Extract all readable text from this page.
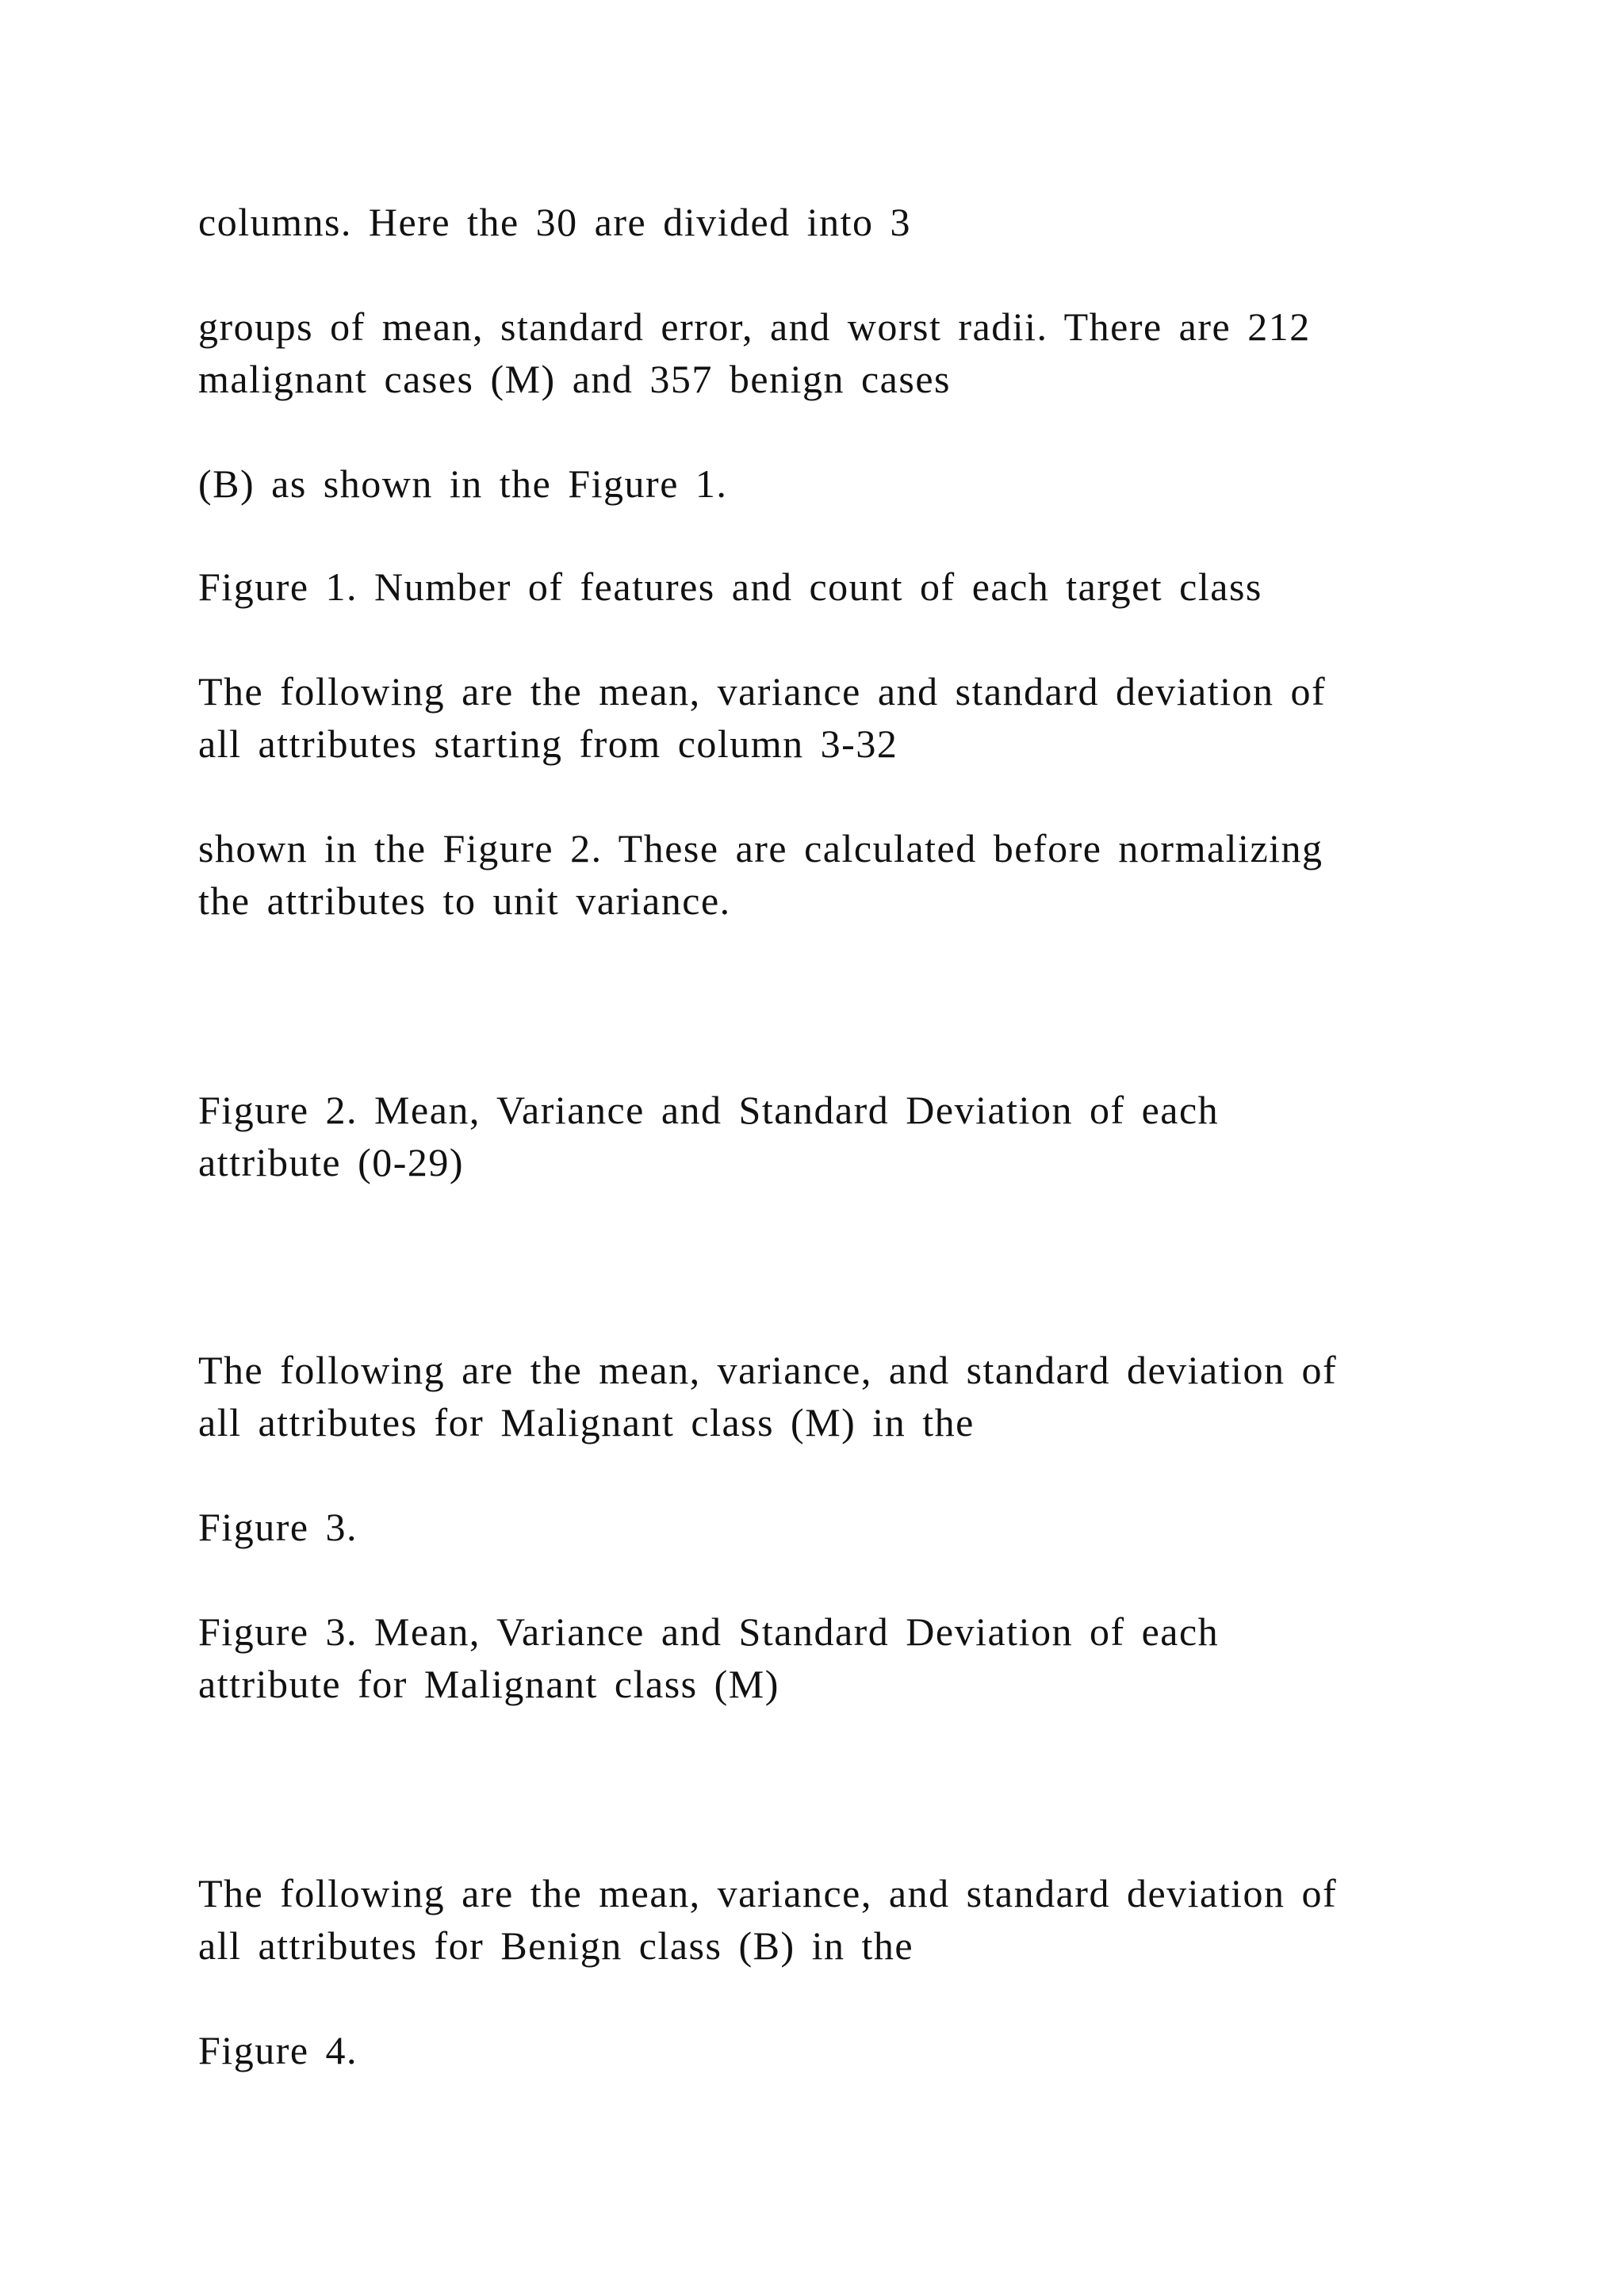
columns. Here the 30 are divided into 3

groups of mean, standard error, and worst radii. There are 212

malignant cases (M) and 357 benign cases

(B) as shown in the Figure 1.

Figure 1. Number of features and count of each target class

The following are the mean, variance and standard deviation of

all attributes starting from column 3-32

shown in the Figure 2. These are calculated before normalizing

the attributes to unit variance.

Figure 2. Mean, Variance and Standard Deviation of each

attribute (0-29)

The following are the mean, variance, and standard deviation of

all attributes for Malignant class (M) in the

Figure 3.

Figure 3. Mean, Variance and Standard Deviation of each

attribute for Malignant class (M)

The following are the mean, variance, and standard deviation of

all attributes for Benign class (B) in the

Figure 4.
